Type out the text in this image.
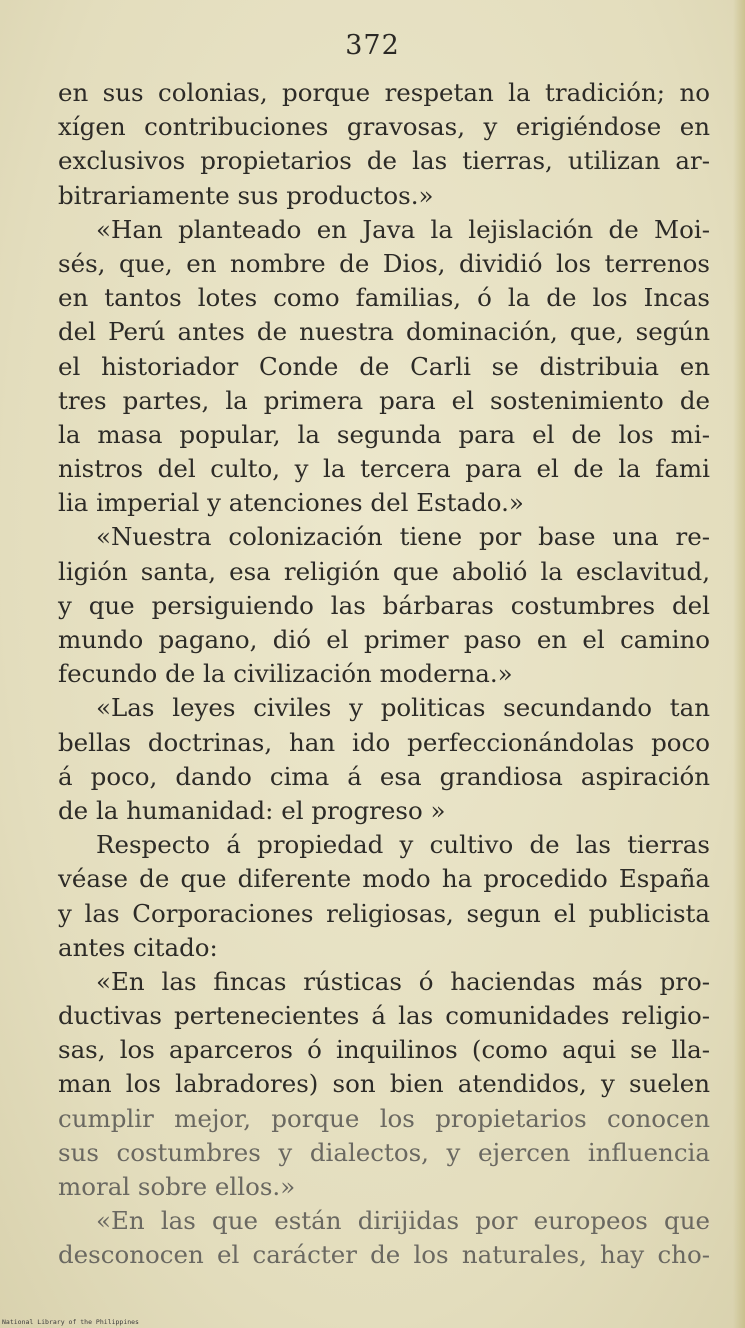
372
en sus colonias, porque respetan la tradición; no
xígen contribuciones gravosas, y erigiéndose en
exclusivos propietarios de las tierras, utilizan ar-
bitrariamente sus productos.»
«Han planteado en Java la lejislación de Moi-
sés, que, en nombre de Dios, dividió los terrenos
en tantos lotes como familias, ó la de los Incas
del Perú antes de nuestra dominación, que, según
el historiador Conde de Carli se distribuia en
tres partes, la primera para el sostenimiento de
la masa popular, la segunda para el de los mi-
nistros del culto, y la tercera para el de la fami
lia imperial y atenciones del Estado.»
«Nuestra colonización tiene por base una re-
ligión santa, esa religión que abolió la esclavitud,
y que persiguiendo las bárbaras costumbres del
mundo pagano, dió el primer paso en el camino
fecundo de la civilización moderna.»
«Las leyes civiles y politicas secundando tan
bellas doctrinas, han ido perfeccionándolas poco
á poco, dando cima á esa grandiosa aspiración
de la humanidad: el progreso »
Respecto á propiedad y cultivo de las tierras
véase de que diferente modo ha procedido España
y las Corporaciones religiosas, segun el publicista
antes citado:
«En las fincas rústicas ó haciendas más pro-
ductivas pertenecientes á las comunidades religio-
sas, los aparceros ó inquilinos (como aqui se lla-
man los labradores) son bien atendidos, y suelen
cumplir mejor, porque los propietarios conocen
sus costumbres y dialectos, y ejercen influencia
moral sobre ellos.»
«En las que están dirijidas por europeos que
desconocen el carácter de los naturales, hay cho-
National Library of the Philippines
